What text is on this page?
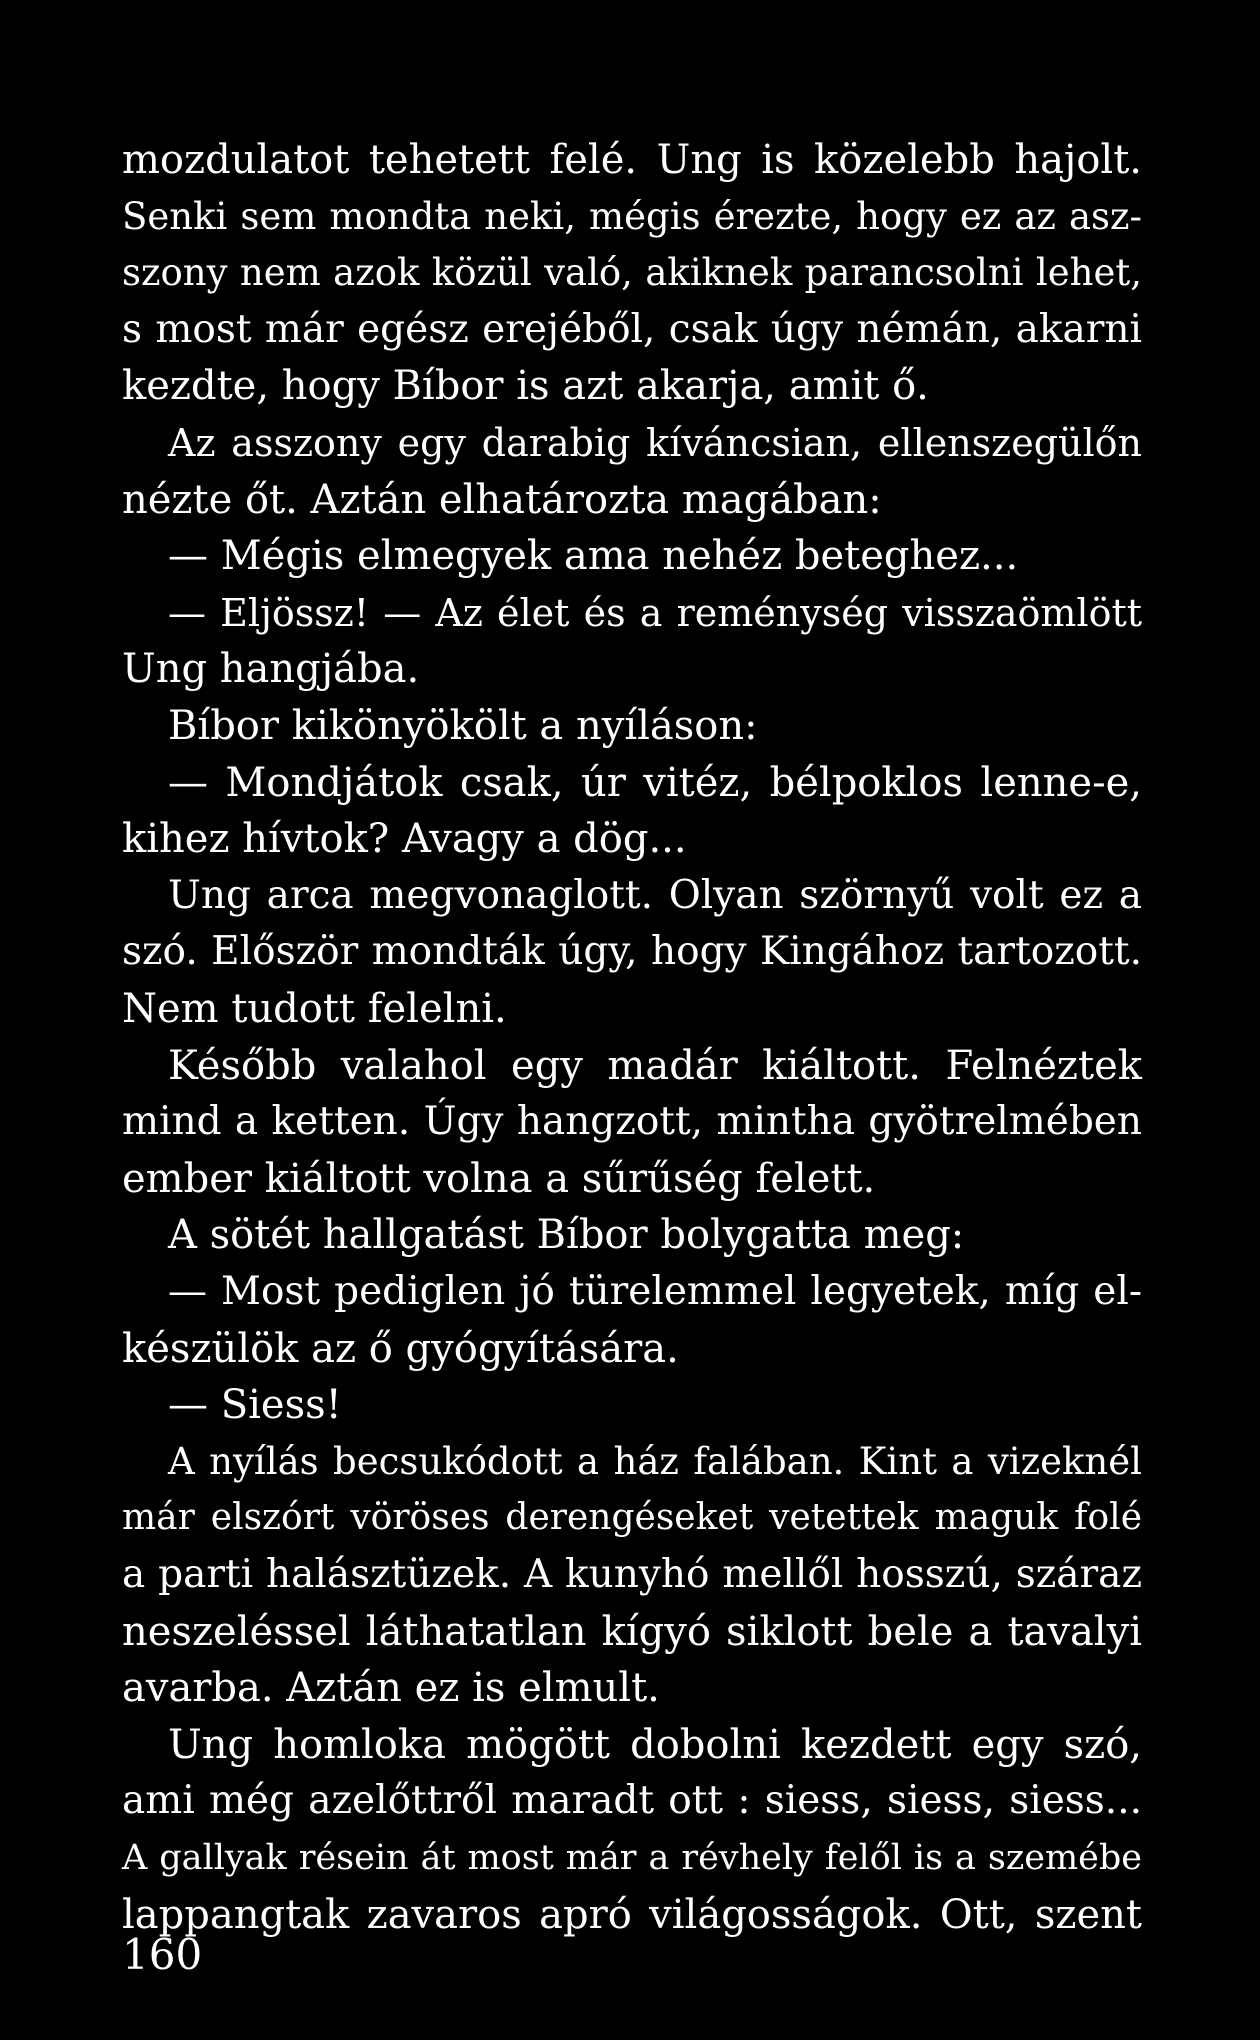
mozdulatot tehetett felé. Ung is közelebb hajolt.
Senki sem mondta neki, mégis érezte, hogy ez az asz-
szony nem azok közül való, akiknek parancsolni lehet,
s most már egész erejéből, csak úgy némán, akarni
kezdte, hogy Bíbor is azt akarja, amit ő.
Az asszony egy darabig kíváncsian, ellenszegülőn
nézte őt. Aztán elhatározta magában:
— Mégis elmegyek ama nehéz beteghez...
— Eljössz! — Az élet és a reménység visszaömlött
Ung hangjába.
Bíbor kikönyökölt a nyíláson:
— Mondjátok csak, úr vitéz, bélpoklos lenne-e,
kihez hívtok? Avagy a dög...
Ung arca megvonaglott. Olyan szörnyű volt ez a
szó. Először mondták úgy, hogy Kingához tartozott.
Nem tudott felelni.
Később valahol egy madár kiáltott. Felnéztek
mind a ketten. Úgy hangzott, mintha gyötrelmében
ember kiáltott volna a sűrűség felett.
A sötét hallgatást Bíbor bolygatta meg:
— Most pediglen jó türelemmel legyetek, míg el-
készülök az ő gyógyítására.
— Siess!
A nyílás becsukódott a ház falában. Kint a vizeknél
már elszórt vöröses derengéseket vetettek maguk folé
a parti halásztüzek. A kunyhó mellől hosszú, száraz
neszeléssel láthatatlan kígyó siklott bele a tavalyi
avarba. Aztán ez is elmult.
Ung homloka mögött dobolni kezdett egy szó,
ami még azelőttről maradt ott : siess, siess, siess...
A gallyak résein át most már a révhely felől is a szemébe
lappangtak zavaros apró világosságok. Ott, szent
160
